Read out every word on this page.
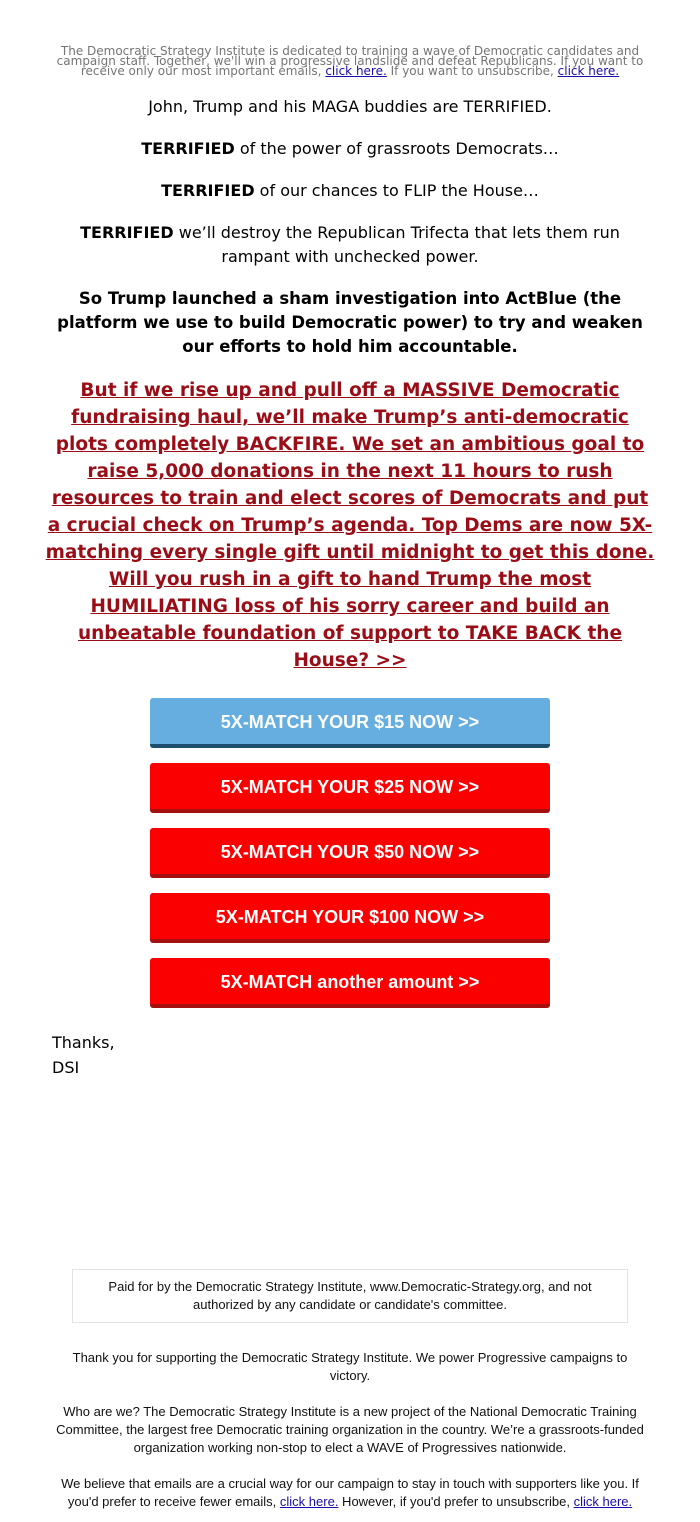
The Democratic Strategy Institute is dedicated to training a wave of Democratic candidates and campaign staff. Together, we'll win a progressive landslide and defeat Republicans. If you want to receive only our most important emails, click here. If you want to unsubscribe, click here.

John, Trump and his MAGA buddies are TERRIFIED.

TERRIFIED of the power of grassroots Democrats…

TERRIFIED of our chances to FLIP the House…

TERRIFIED we’ll destroy the Republican Trifecta that lets them run rampant with unchecked power.

So Trump launched a sham investigation into ActBlue (the platform we use to build Democratic power) to try and weaken our efforts to hold him accountable.

But if we rise up and pull off a MASSIVE Democratic fundraising haul, we’ll make Trump’s anti-democratic plots completely BACKFIRE. We set an ambitious goal to raise 5,000 donations in the next 11 hours to rush resources to train and elect scores of Democrats and put a crucial check on Trump’s agenda. Top Dems are now 5X-matching every single gift until midnight to get this done. Will you rush in a gift to hand Trump the most HUMILIATING loss of his sorry career and build an unbeatable foundation of support to TAKE BACK the House? >>
5X-MATCH YOUR $15 NOW >>
5X-MATCH YOUR $25 NOW >>
5X-MATCH YOUR $50 NOW >>
5X-MATCH YOUR $100 NOW >>
5X-MATCH another amount >>
Thanks,
DSI
Paid for by the Democratic Strategy Institute, www.Democratic-Strategy.org, and not authorized by any candidate or candidate's committee.

Thank you for supporting the Democratic Strategy Institute. We power Progressive campaigns to victory.

Who are we? The Democratic Strategy Institute is a new project of the National Democratic Training Committee, the largest free Democratic training organization in the country. We’re a grassroots-funded organization working non-stop to elect a WAVE of Progressives nationwide.

We believe that emails are a crucial way for our campaign to stay in touch with supporters like you. If you'd prefer to receive fewer emails, click here. However, if you'd prefer to unsubscribe, click here.
